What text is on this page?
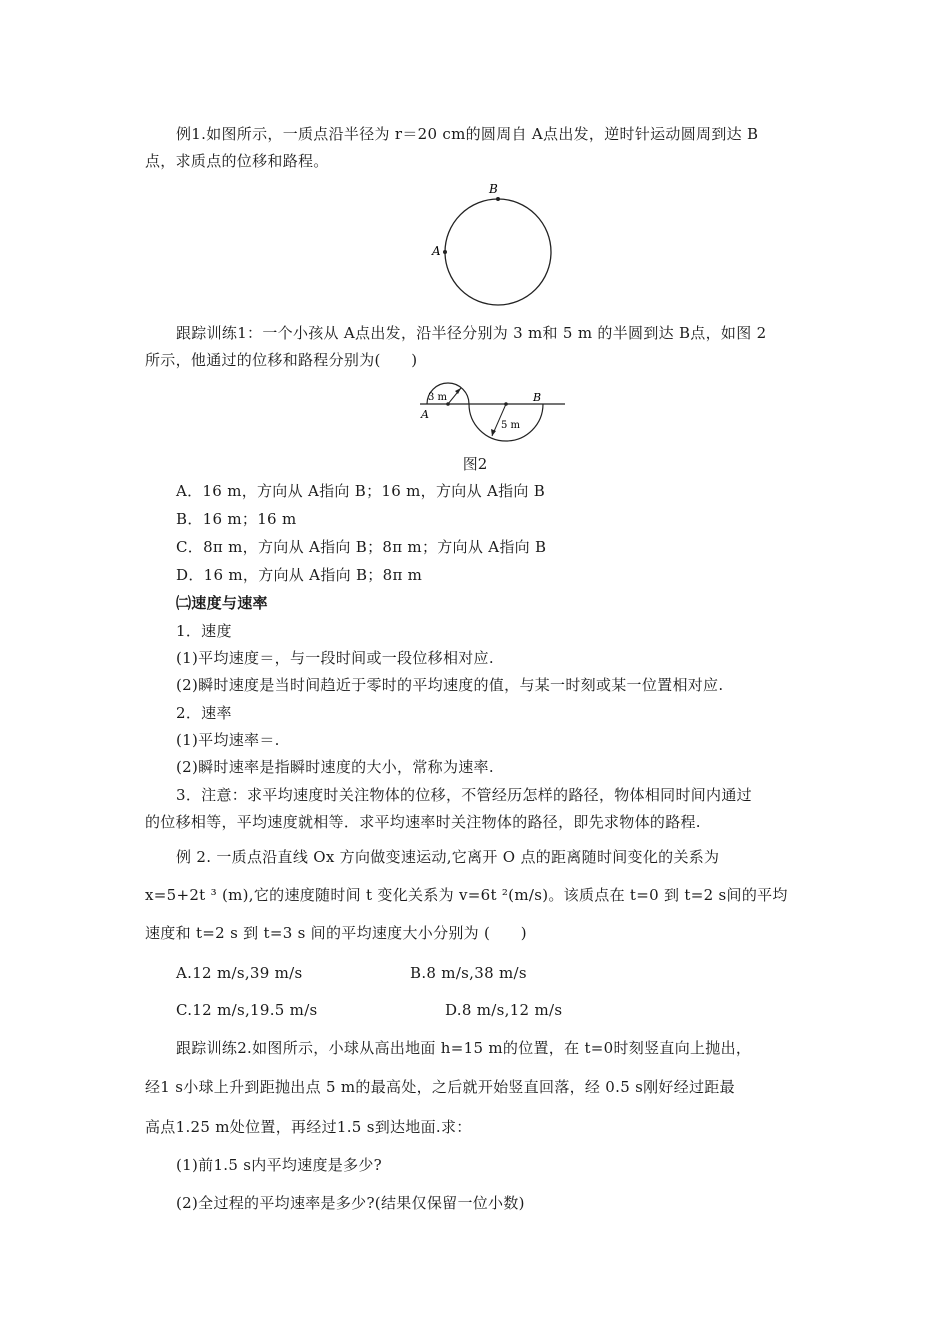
例1.如图所示，一质点沿半径为 r＝20 cm的圆周自 A点出发，逆时针运动圆周到达 B
点，求质点的位移和路程。
A
B
跟踪训练1：一个小孩从 A点出发，沿半径分别为 3 m和 5 m 的半圆到达 B点，如图 2
所示，他通过的位移和路程分别为(　　)
3 m
5 m
A
B
图2
A．16 m，方向从 A指向 B；16 m，方向从 A指向 B
B．16 m；16 m
C．8π m，方向从 A指向 B；8π m；方向从 A指向 B
D．16 m，方向从 A指向 B；8π m
㈡速度与速率
1．速度
(1)平均速度＝，与一段时间或一段位移相对应.
(2)瞬时速度是当时间趋近于零时的平均速度的值，与某一时刻或某一位置相对应.
2．速率
(1)平均速率＝.
(2)瞬时速率是指瞬时速度的大小，常称为速率.
3．注意：求平均速度时关注物体的位移，不管经历怎样的路径，物体相同时间内通过
的位移相等，平均速度就相等．求平均速率时关注物体的路径，即先求物体的路程.
例 2. 一质点沿直线 Ox 方向做变速运动,它离开 O 点的距离随时间变化的关系为
x=5+2t ³ (m),它的速度随时间 t 变化关系为 v=6t ²(m/s)。该质点在 t=0 到 t=2 s间的平均
速度和 t=2 s 到 t=3 s 间的平均速度大小分别为 (　　)
A.12 m/s,39 m/s	B.8 m/s,38 m/s
C.12 m/s,19.5 m/s	D.8 m/s,12 m/s
跟踪训练2.如图所示，小球从高出地面 h=15 m的位置，在 t=0时刻竖直向上抛出，
经1 s小球上升到距抛出点 5 m的最高处，之后就开始竖直回落，经 0.5 s刚好经过距最
高点1.25 m处位置，再经过1.5 s到达地面.求：
(1)前1.5 s内平均速度是多少?
(2)全过程的平均速率是多少?(结果仅保留一位小数)
